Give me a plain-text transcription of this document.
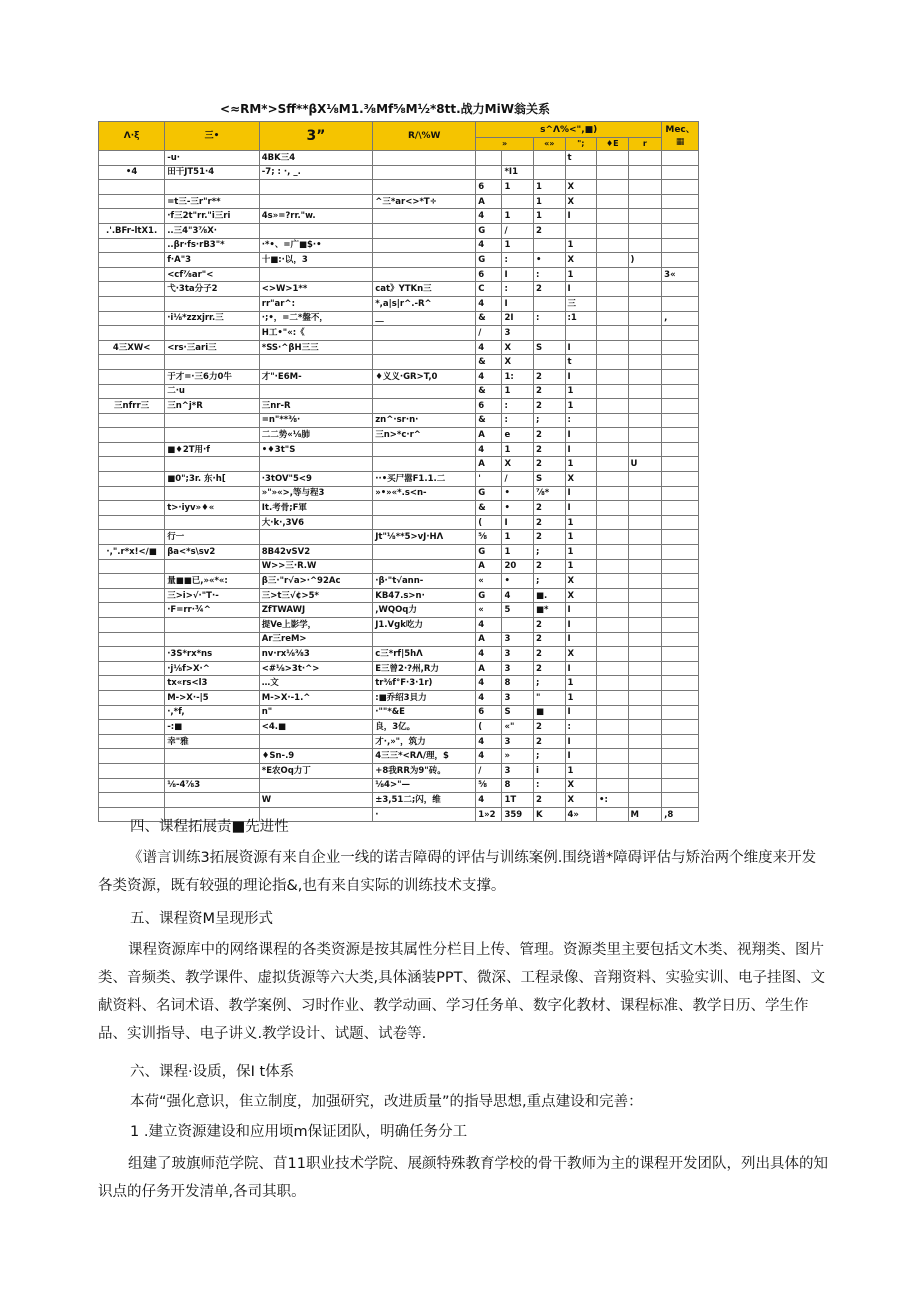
<≈RM*>Sff**βX⅛M1.⅜Mf⅝M½*8tt.战力MiW翁关系
Λ·ξ	三•	3”	R/\%W	s^Λ%<",■)						Mec、
▦
				»		«»	";	♦E	r	
	-u·	4BK三4					t			
•4	田干JT51·4	-7; : ·, _.			*I1					
				6	1	1	X			
	=t三-三r"r**		^三*ar<>*T÷	A		1	X			
	·f三2t"rr."i三ri	4s»=?rr."w.		4	1	1	I			
.'.BFr-ltX1.	..三4"3⅞X·			G	/	2				
	..βr·fs·rB3"*	·*•、=广■$·•		4	1		1			
	f·A"3	十■:·以，3		G	:	•	X		)	
	<cf⅞ar"<			6	I	:	1			3«
	弋·3ta分子2	<>W>1**	cat》ΥTKn三	C	:	2	I			
		rr"ar^:	*,a|s|r^.-R^	4	I		三			
	·i⅛*zzxjrr.三	·;•，=二*盤不，	__	&	2I	:	:1			,
		H工•"«:《		/	3					
4三XW<	<rs·三ari三	*SS·^βH三三		4	X	S	I			
				&	X		t			
	于才=·三6力0牛	才"·E6M-	♦义义·GR>T,0	4	1:	2	I			
	二·u			&	1	2	1			
三nfrr三	三n^j*R	三nr-R		6	:	2	1			
		=n"**⅜·	zn^·sr·n·	&	:	;	:			
		二二势«⅛肺	三n>*c·r^	A	e	2	I			
	■♦2T用·f	•♦3t"S		4	1	2	I			
				A	X	2	1		U	
	■0";3r. 东·h[	·3tOV"5<9	··•买尸嚣F1.1.二	'	/	S	X			
		»"»«>,等与程3	»•»«*.s<n-	G	•	⅞*	I			
	t>·iyv»♦«	It.考骨;F軍		&	•	2	I			
		大·k·,3V6		(	I	2	1			
	行一		Jt"⅛**5>vJ·HΛ	⅝	1	2	1			
·,".r*x!<∕■	βa<*s\sv2	8B42vSV2		G	1	;	1			
		W>>三·R.W		A	20	2	1			
	量■■已,»«*«:	β三·"r√a>·^92Ac	·β·"t√ann-	«	•	;	X			
	三>i>√·"T·-	三>t三√¢>5*	KB47.s>n·	G	4	■.	X			
	·F=rr·¾^	ZfTWAWJ	,WQOq力	«	5	■*	I			
		提Ve上影学，	J1.Vgk吃力	4		2	I			
		Ar三reM>		A	3	2	I			
	·3S*rx*ns	nv·rx⅛⅜3	c三*rf|5hΛ	4	3	2	X			
	·j⅛f>X·^	<#⅛>3t·^>	E三曾2·?州,R力	A	3	2	I			
	tx«rs<l3	…文	tr⅜f°F·3·1r)	4	8	;	1			
	M->X·-|5	M->X·-1.^	:■乔绍3貝力	4	3	"	1			
	·,*f,	n"	·""*&E	6	S	■	I			
	-:■	<4.■	良，3亿。	(	«"	2	:			
	幸"雅		才·,»"，筑力	4	3	2	I			
		♦Sn-.9	4三三*<RΛ/理，$	4	»	;	I			
		*E农Oq力丁	+8我RR为9"砖。	/	3	i	1			
	⅛-4⅞3		⅛4>"—	⅝	8	:	X			
		W	±3,51二;闪，维	4	1T	2	X	•:		
			·	1»2	359	K	4»		M	,8
四、课程拓展责■先进性
《谱言训练3拓展资源有来自企业一线的诺吉障碍的评估与训练案例.围绕谱*障碍评估与矫治两个维度来开发各类资源，既有较强的理论指&,也有来自实际的训练技术支撑。
五、课程资M呈现形式
课程资源库中的网络课程的各类资源是按其属性分栏目上传、管理。资源类里主要包括文木类、视翔类、图片类、音频类、教学课件、虚拟货源等六大类,具体涵装PPT、微深、工程录像、音翔资料、实验实训、电子挂图、文献资料、名词术语、教学案例、习时作业、教学动画、学习任务单、数字化教材、课程标准、教学日历、学生作品、实训指导、电子讲义.教学设计、试题、试卷等.
六、课程·设质，保I t体系
本荷“强化意识，隹立制度，加强研究，改进质量”的指导思想,重点建设和完善：
1 .建立资源建设和应用顷m保证团队，明确任务分工
组建了玻旗师范学院、苜11职业技术学院、展颜特殊教育学校的骨干教师为主的课程开发团队，列出具体的知识点的仔务开发清单,各司其职。
